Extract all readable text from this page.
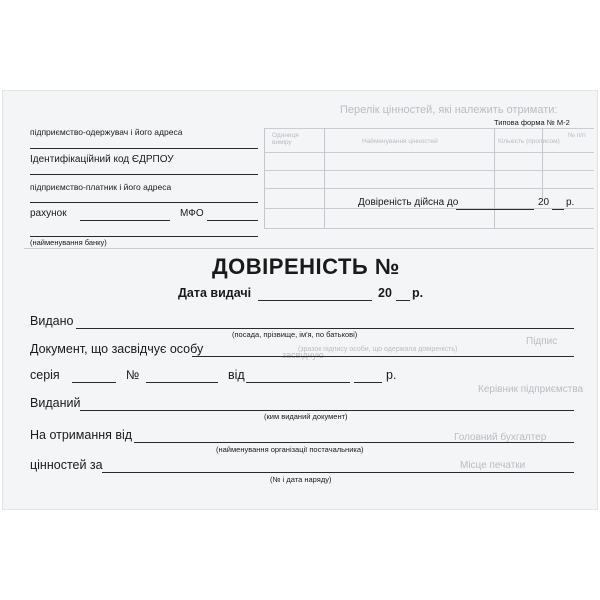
Перелік цінностей, які належить отримати:
Типова форма № М-2
Одиниця виміру	Найменування цінностей	Кількість (прописом)
№ п/п
підприємство-одержувач і його адреса
Ідентифікаційний код ЄДРПОУ
підприємство-платник і його адреса
рахунок	МФО
(найменування банку)
Довіреність дійсна до	20 р.
ДОВІРЕНІСТЬ №
Дата видачі	20 р.
Видано
(посада, прізвище, ім'я, по батькові)
Підпис
(зразок підпису особи, що одержала довіреність)
засвідчую
Документ, що засвідчує особу
серія	№	від	р.
Керівник підприємства
Виданий
(ким виданий документ)
На отримання від
(найменування організації постачальника)
Головний бухгалтер
цінностей за
(№ і дата наряду)
Місце печатки
